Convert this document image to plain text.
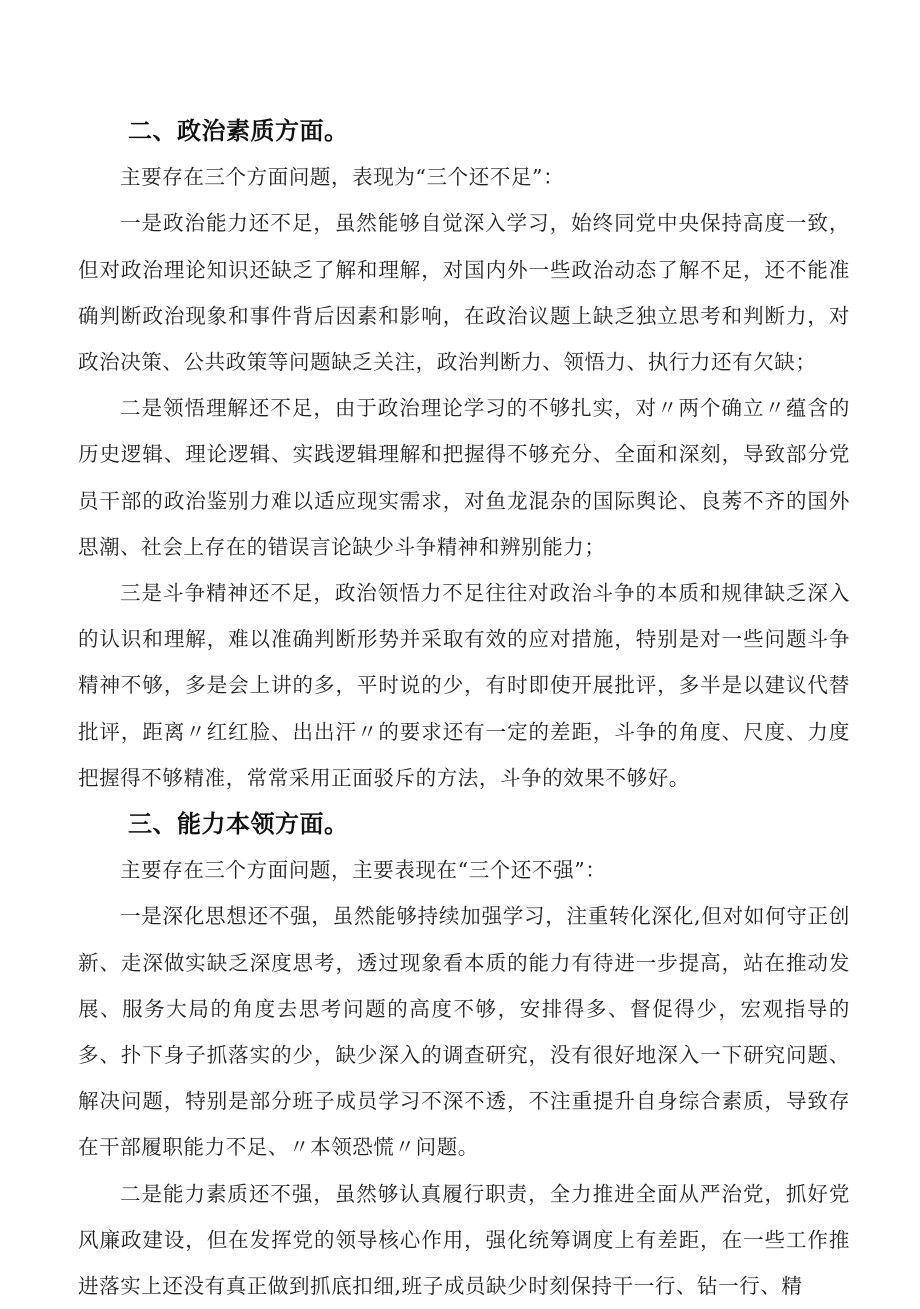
二、政治素质方面。

主要存在三个方面问题，表现为“三个还不足”：

一是政治能力还不足，虽然能够自觉深入学习，始终同党中央保持高度一致，但对政治理论知识还缺乏了解和理解，对国内外一些政治动态了解不足，还不能准确判断政治现象和事件背后因素和影响，在政治议题上缺乏独立思考和判断力，对政治决策、公共政策等问题缺乏关注，政治判断力、领悟力、执行力还有欠缺；

二是领悟理解还不足，由于政治理论学习的不够扎实，对〃两个确立〃蕴含的历史逻辑、理论逻辑、实践逻辑理解和把握得不够充分、全面和深刻，导致部分党员干部的政治鉴别力难以适应现实需求，对鱼龙混杂的国际舆论、良莠不齐的国外思潮、社会上存在的错误言论缺少斗争精神和辨别能力；

三是斗争精神还不足，政治领悟力不足往往对政治斗争的本质和规律缺乏深入的认识和理解，难以准确判断形势并采取有效的应对措施，特别是对一些问题斗争精神不够，多是会上讲的多，平时说的少，有时即使开展批评，多半是以建议代替批评，距离〃红红脸、出出汗〃的要求还有一定的差距，斗争的角度、尺度、力度把握得不够精准，常常采用正面驳斥的方法，斗争的效果不够好。

三、能力本领方面。

主要存在三个方面问题，主要表现在“三个还不强”：

一是深化思想还不强，虽然能够持续加强学习，注重转化深化,但对如何守正创新、走深做实缺乏深度思考，透过现象看本质的能力有待进一步提高，站在推动发展、服务大局的角度去思考问题的高度不够，安排得多、督促得少，宏观指导的多、扑下身子抓落实的少，缺少深入的调查研究，没有很好地深入一下研究问题、解决问题，特别是部分班子成员学习不深不透，不注重提升自身综合素质，导致存在干部履职能力不足、〃本领恐慌〃问题。

二是能力素质还不强，虽然够认真履行职责，全力推进全面从严治党，抓好党风廉政建设，但在发挥党的领导核心作用，强化统筹调度上有差距，在一些工作推进落实上还没有真正做到抓底扣细,班子成员缺少时刻保持干一行、钻一行、精
